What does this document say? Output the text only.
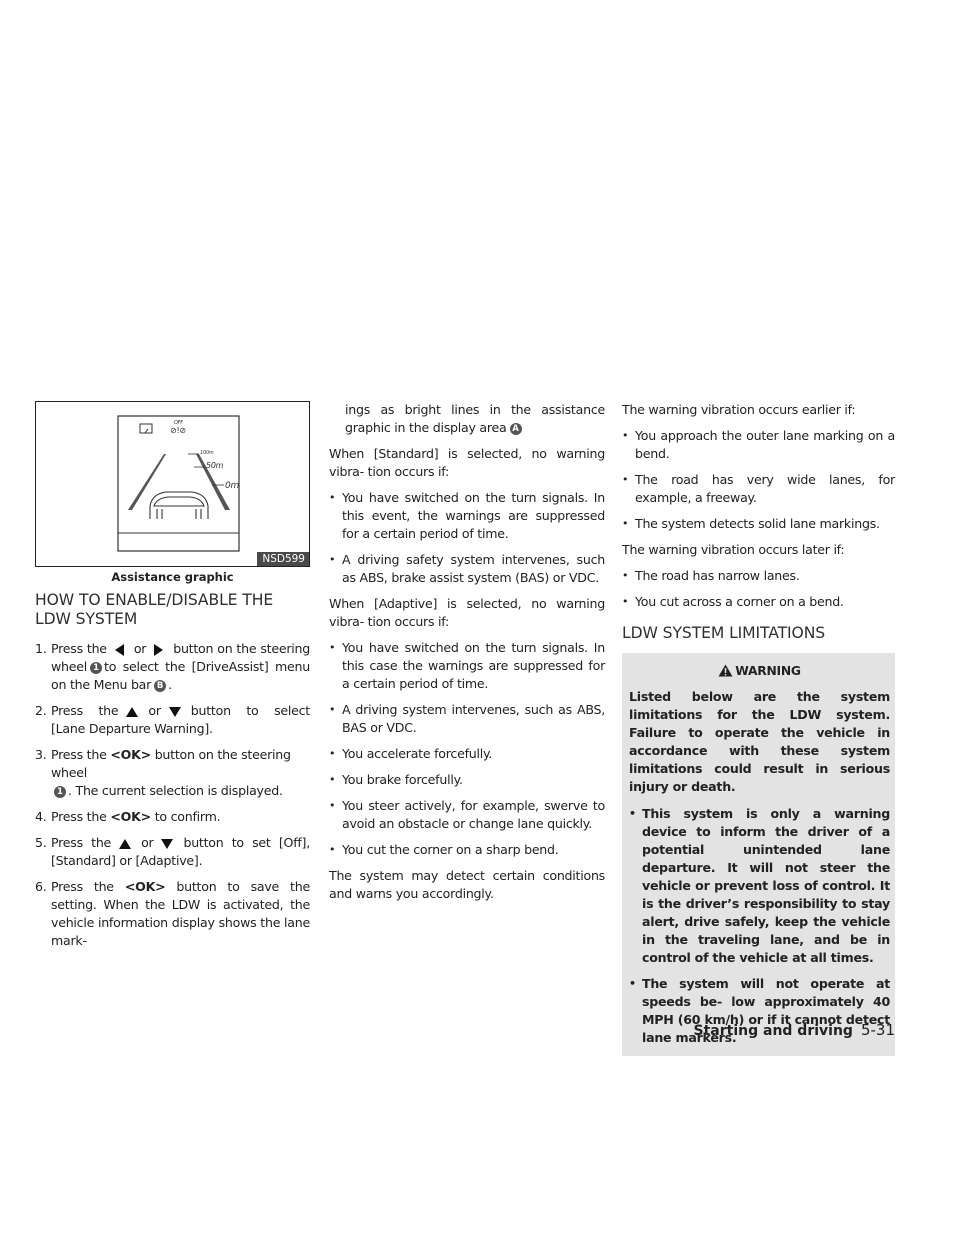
OFF
⊘!⊘
100m
50m
0m
NSD599
Assistance graphic
HOW TO ENABLE/DISABLE THE LDW SYSTEM
1. Press the or button on the steering wheel 1 to select the [DriveAssist] menu on the Menu bar B .
2. Press the or button to select [Lane Departure Warning].
3. Press the <OK> button on the steering wheel
1 . The current selection is displayed.
4. Press the <OK> to confirm.
5. Press the or button to set [Off], [Standard] or [Adaptive].
6. Press the <OK> button to save the setting. When the LDW is activated, the vehicle information display shows the lane mark-
ings as bright lines in the assistance graphic in the display area A

When [Standard] is selected, no warning vibra- tion occurs if:

• You have switched on the turn signals. In this event, the warnings are suppressed for a certain period of time.
• A driving safety system intervenes, such as ABS, brake assist system (BAS) or VDC.

When [Adaptive] is selected, no warning vibra- tion occurs if:

• You have switched on the turn signals. In this case the warnings are suppressed for a certain period of time.
• A driving system intervenes, such as ABS, BAS or VDC.
• You accelerate forcefully.
• You brake forcefully.
• You steer actively, for example, swerve to avoid an obstacle or change lane quickly.
• You cut the corner on a sharp bend.

The system may detect certain conditions and warns you accordingly.

The warning vibration occurs earlier if:

• You approach the outer lane marking on a bend.
• The road has very wide lanes, for example, a freeway.
• The system detects solid lane markings.

The warning vibration occurs later if:

• The road has narrow lanes.
• You cut across a corner on a bend.
LDW SYSTEM LIMITATIONS
WARNING

Listed below are the system limitations for the LDW system. Failure to operate the vehicle in accordance with these system limitations could result in serious injury or death.

• This system is only a warning device to inform the driver of a potential unintended lane departure. It will not steer the vehicle or prevent loss of control. It is the driver’s responsibility to stay alert, drive safely, keep the vehicle in the traveling lane, and be in control of the vehicle at all times.
• The system will not operate at speeds be- low approximately 40 MPH (60 km/h) or if it cannot detect lane markers.
Starting and driving 5-31
